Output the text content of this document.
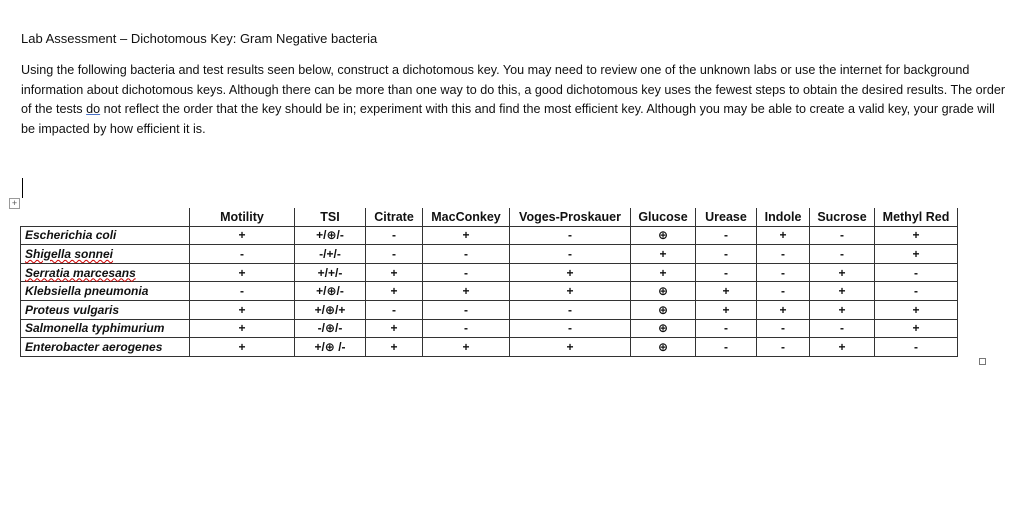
Lab Assessment – Dichotomous Key: Gram Negative bacteria
Using the following bacteria and test results seen below, construct a dichotomous key. You may need to review one of the unknown labs or use the internet for background information about dichotomous keys. Although there can be more than one way to do this, a good dichotomous key uses the fewest steps to obtain the desired results. The order of the tests do not reflect the order that the key should be in; experiment with this and find the most efficient key. Although you may be able to create a valid key, your grade will be impacted by how efficient it is.
+
	Motility	TSI	Citrate	MacConkey	Voges-Proskauer	Glucose	Urease	Indole	Sucrose	Methyl Red
Escherichia coli	+	+/⊕/-	-	+	-	⊕	-	+	-	+
Shigella sonnei	-	-/+/-	-	-	-	+	-	-	-	+
Serratia marcesans	+	+/+/-	+	-	+	+	-	-	+	-
Klebsiella pneumonia	-	+/⊕/-	+	+	+	⊕	+	-	+	-
Proteus vulgaris	+	+/⊕/+	-	-	-	⊕	+	+	+	+
Salmonella typhimurium	+	-/⊕/-	+	-	-	⊕	-	-	-	+
Enterobacter aerogenes	+	+/⊕ /-	+	+	+	⊕	-	-	+	-
